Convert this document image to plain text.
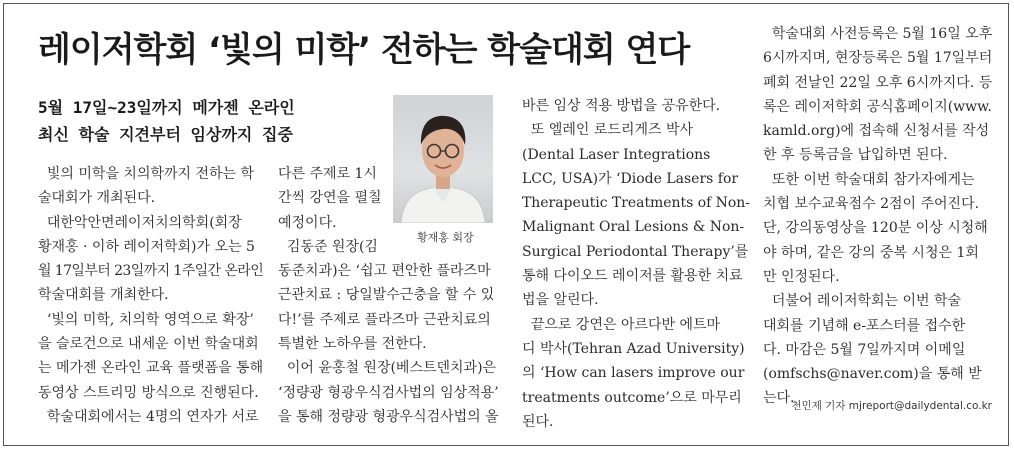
레이저학회 ‘빛의 미학’ 전하는 학술대회 연다
5월 17일~23일까지 메가젠 온라인
최신 학술 지견부터 임상까지 집중

빛의 미학을 치의학까지 전하는 학

술대회가 개최된다.

대한악안면레이저치의학회(회장

황재홍 · 이하 레이저학회)가 오는 5

월 17일부터 23일까지 1주일간 온라인

학술대회를 개최한다.

‘빛의 미학, 치의학 영역으로 확장’

을 슬로건으로 내세운 이번 학술대회

는 메가젠 온라인 교육 플랫폼을 통해

동영상 스트리밍 방식으로 진행된다.

학술대회에서는 4명의 연자가 서로

다른 주제로 1시

간씩 강연을 펼칠

예정이다.

김동준 원장(김

동준치과)은 ‘쉽고 편안한 플라즈마

근관치료 : 당일발수근충을 할 수 있

다!’를 주제로 플라즈마 근관치료의

특별한 노하우를 전한다.

이어 윤홍철 원장(베스트덴치과)은

‘정량광 형광우식검사법의 임상적용’

을 통해 정량광 형광우식검사법의 올

황재홍 회장

바른 임상 적용 방법을 공유한다.

또 엘레인 로드리게즈 박사

(Dental Laser Integrations

LCC, USA)가 ‘Diode Lasers for

Therapeutic Treatments of Non-

Malignant Oral Lesions & Non-

Surgical Periodontal Therapy’를

통해 다이오드 레이저를 활용한 치료

법을 알린다.

끝으로 강연은 아르다반 에트마

디 박사(Tehran Azad University)

의 ‘How can lasers improve our

treatments outcome’으로 마무리

된다.

학술대회 사전등록은 5월 16일 오후

6시까지며, 현장등록은 5월 17일부터

폐회 전날인 22일 오후 6시까지다. 등

록은 레이저학회 공식홈페이지(www.

kamld.org)에 접속해 신청서를 작성

한 후 등록금을 납입하면 된다.

또한 이번 학술대회 참가자에게는

치협 보수교육점수 2점이 주어진다.

단, 강의동영상을 120분 이상 시청해

야 하며, 같은 강의 중복 시청은 1회

만 인정된다.

더불어 레이저학회는 이번 학술

대회를 기념해 e-포스터를 접수한

다. 마감은 5월 7일까지며 이메일

(omfschs@naver.com)을 통해 받

는다.

천민제 기자 mjreport@dailydental.co.kr
